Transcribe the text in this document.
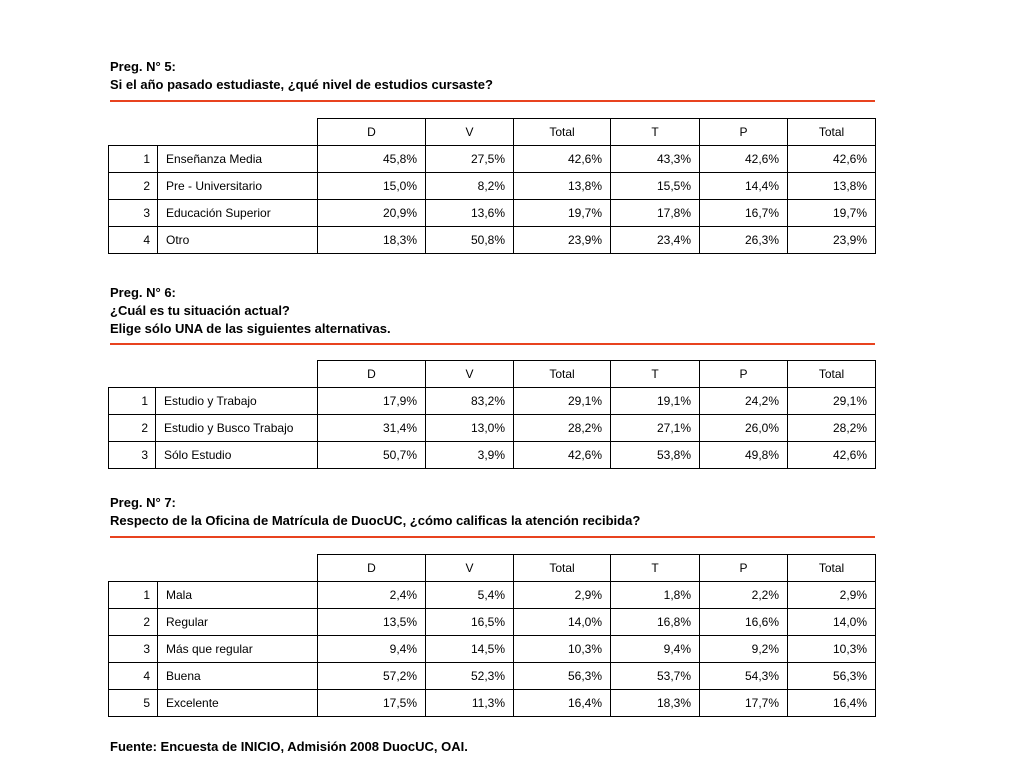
Preg. N° 5:
Si el año pasado estudiaste, ¿qué nivel de estudios cursaste?
		D	V	Total	T	P	Total
1	Enseñanza Media	45,8%	27,5%	42,6%	43,3%	42,6%	42,6%
2	Pre - Universitario	15,0%	8,2%	13,8%	15,5%	14,4%	13,8%
3	Educación Superior	20,9%	13,6%	19,7%	17,8%	16,7%	19,7%
4	Otro	18,3%	50,8%	23,9%	23,4%	26,3%	23,9%
Preg. N° 6:
¿Cuál es tu situación actual?
Elige sólo UNA de las siguientes alternativas.
		D	V	Total	T	P	Total
1	Estudio y Trabajo	17,9%	83,2%	29,1%	19,1%	24,2%	29,1%
2	Estudio y Busco Trabajo	31,4%	13,0%	28,2%	27,1%	26,0%	28,2%
3	Sólo Estudio	50,7%	3,9%	42,6%	53,8%	49,8%	42,6%
Preg. N° 7:
Respecto de la Oficina de Matrícula de DuocUC, ¿cómo calificas la atención recibida?
		D	V	Total	T	P	Total
1	Mala	2,4%	5,4%	2,9%	1,8%	2,2%	2,9%
2	Regular	13,5%	16,5%	14,0%	16,8%	16,6%	14,0%
3	Más que regular	9,4%	14,5%	10,3%	9,4%	9,2%	10,3%
4	Buena	57,2%	52,3%	56,3%	53,7%	54,3%	56,3%
5	Excelente	17,5%	11,3%	16,4%	18,3%	17,7%	16,4%
Fuente: Encuesta de INICIO, Admisión 2008 DuocUC, OAI.
